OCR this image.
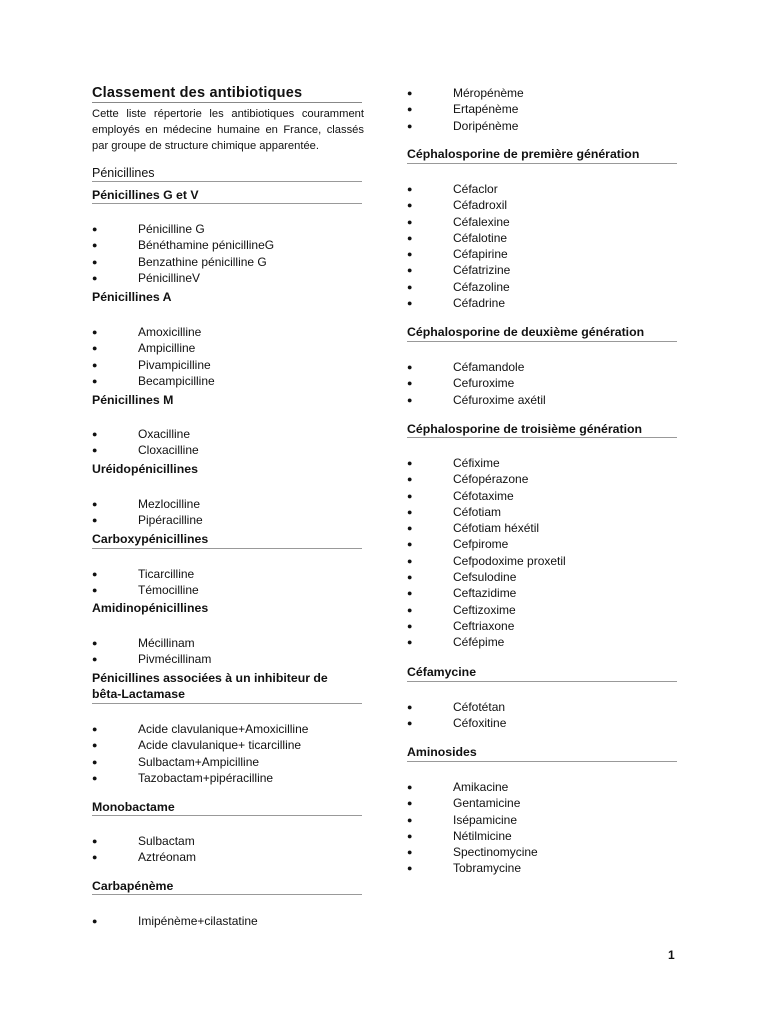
Classement des antibiotiques
Cette liste répertorie les antibiotiques couramment employés en médecine humaine en France, classés par groupe de structure chimique apparentée.
Pénicillines
Pénicillines G et V
●	Pénicilline G
●	Bénéthamine pénicillineG
●	Benzathine pénicilline G
●	PénicillineV
Pénicillines A
●	Amoxicilline
●	Ampicilline
●	Pivampicilline
●	Becampicilline
Pénicillines M
●	Oxacilline
●	Cloxacilline
Uréidopénicillines
●	Mezlocilline
●	Pipéracilline
Carboxypénicillines
●	Ticarcilline
●	Témocilline
Amidinopénicillines
●	Mécillinam
●	Pivmécillinam
Pénicillines associées à un inhibiteur de bêta-Lactamase
●	Acide clavulanique+Amoxicilline
●	Acide clavulanique+ ticarcilline
●	Sulbactam+Ampicilline
●	Tazobactam+pipéracilline
Monobactame
●	Sulbactam
●	Aztréonam
Carbapénème
●	Imipénème+cilastatine
●	Méropénème
●	Ertapénème
●	Doripénème
Céphalosporine de première génération
●	Céfaclor
●	Céfadroxil
●	Céfalexine
●	Céfalotine
●	Céfapirine
●	Céfatrizine
●	Céfazoline
●	Céfadrine
Céphalosporine de deuxième génération
●	Céfamandole
●	Cefuroxime
●	Céfuroxime axétil
Céphalosporine de troisième génération
●	Céfixime
●	Céfopérazone
●	Céfotaxime
●	Céfotiam
●	Céfotiam héxétil
●	Cefpirome
●	Cefpodoxime proxetil
●	Cefsulodine
●	Ceftazidime
●	Ceftizoxime
●	Ceftriaxone
●	Céfépime
Céfamycine
●	Céfotétan
●	Céfoxitine
Aminosides
●	Amikacine
●	Gentamicine
●	Isépamicine
●	Nétilmicine
●	Spectinomycine
●	Tobramycine
1
